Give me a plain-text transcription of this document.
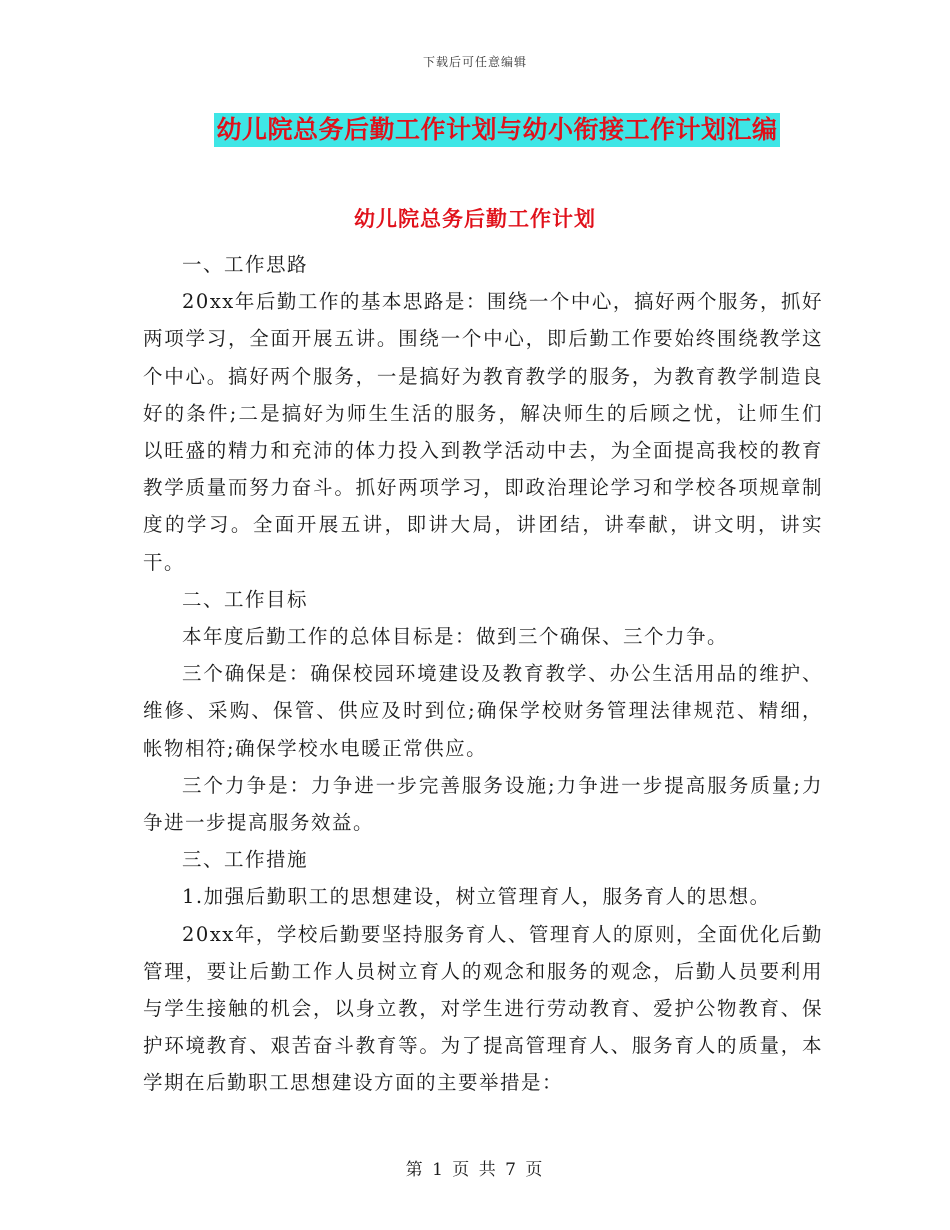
下载后可任意编辑
幼儿院总务后勤工作计划与幼小衔接工作计划汇编
幼儿院总务后勤工作计划

一、工作思路

20xx年后勤工作的基本思路是：围绕一个中心，搞好两个服务，抓好两项学习，全面开展五讲。围绕一个中心，即后勤工作要始终围绕教学这个中心。搞好两个服务，一是搞好为教育教学的服务，为教育教学制造良好的条件;二是搞好为师生生活的服务，解决师生的后顾之忧，让师生们以旺盛的精力和充沛的体力投入到教学活动中去，为全面提高我校的教育教学质量而努力奋斗。抓好两项学习，即政治理论学习和学校各项规章制度的学习。全面开展五讲，即讲大局，讲团结，讲奉献，讲文明，讲实干。

二、工作目标

本年度后勤工作的总体目标是：做到三个确保、三个力争。

三个确保是：确保校园环境建设及教育教学、办公生活用品的维护、维修、采购、保管、供应及时到位;确保学校财务管理法律规范、精细，帐物相符;确保学校水电暖正常供应。

三个力争是：力争进一步完善服务设施;力争进一步提高服务质量;力争进一步提高服务效益。

三、工作措施

1.加强后勤职工的思想建设，树立管理育人，服务育人的思想。

20xx年，学校后勤要坚持服务育人、管理育人的原则，全面优化后勤管理，要让后勤工作人员树立育人的观念和服务的观念，后勤人员要利用与学生接触的机会，以身立教，对学生进行劳动教育、爱护公物教育、保护环境教育、艰苦奋斗教育等。为了提高管理育人、服务育人的质量，本学期在后勤职工思想建设方面的主要举措是：

第 1 页 共 7 页
